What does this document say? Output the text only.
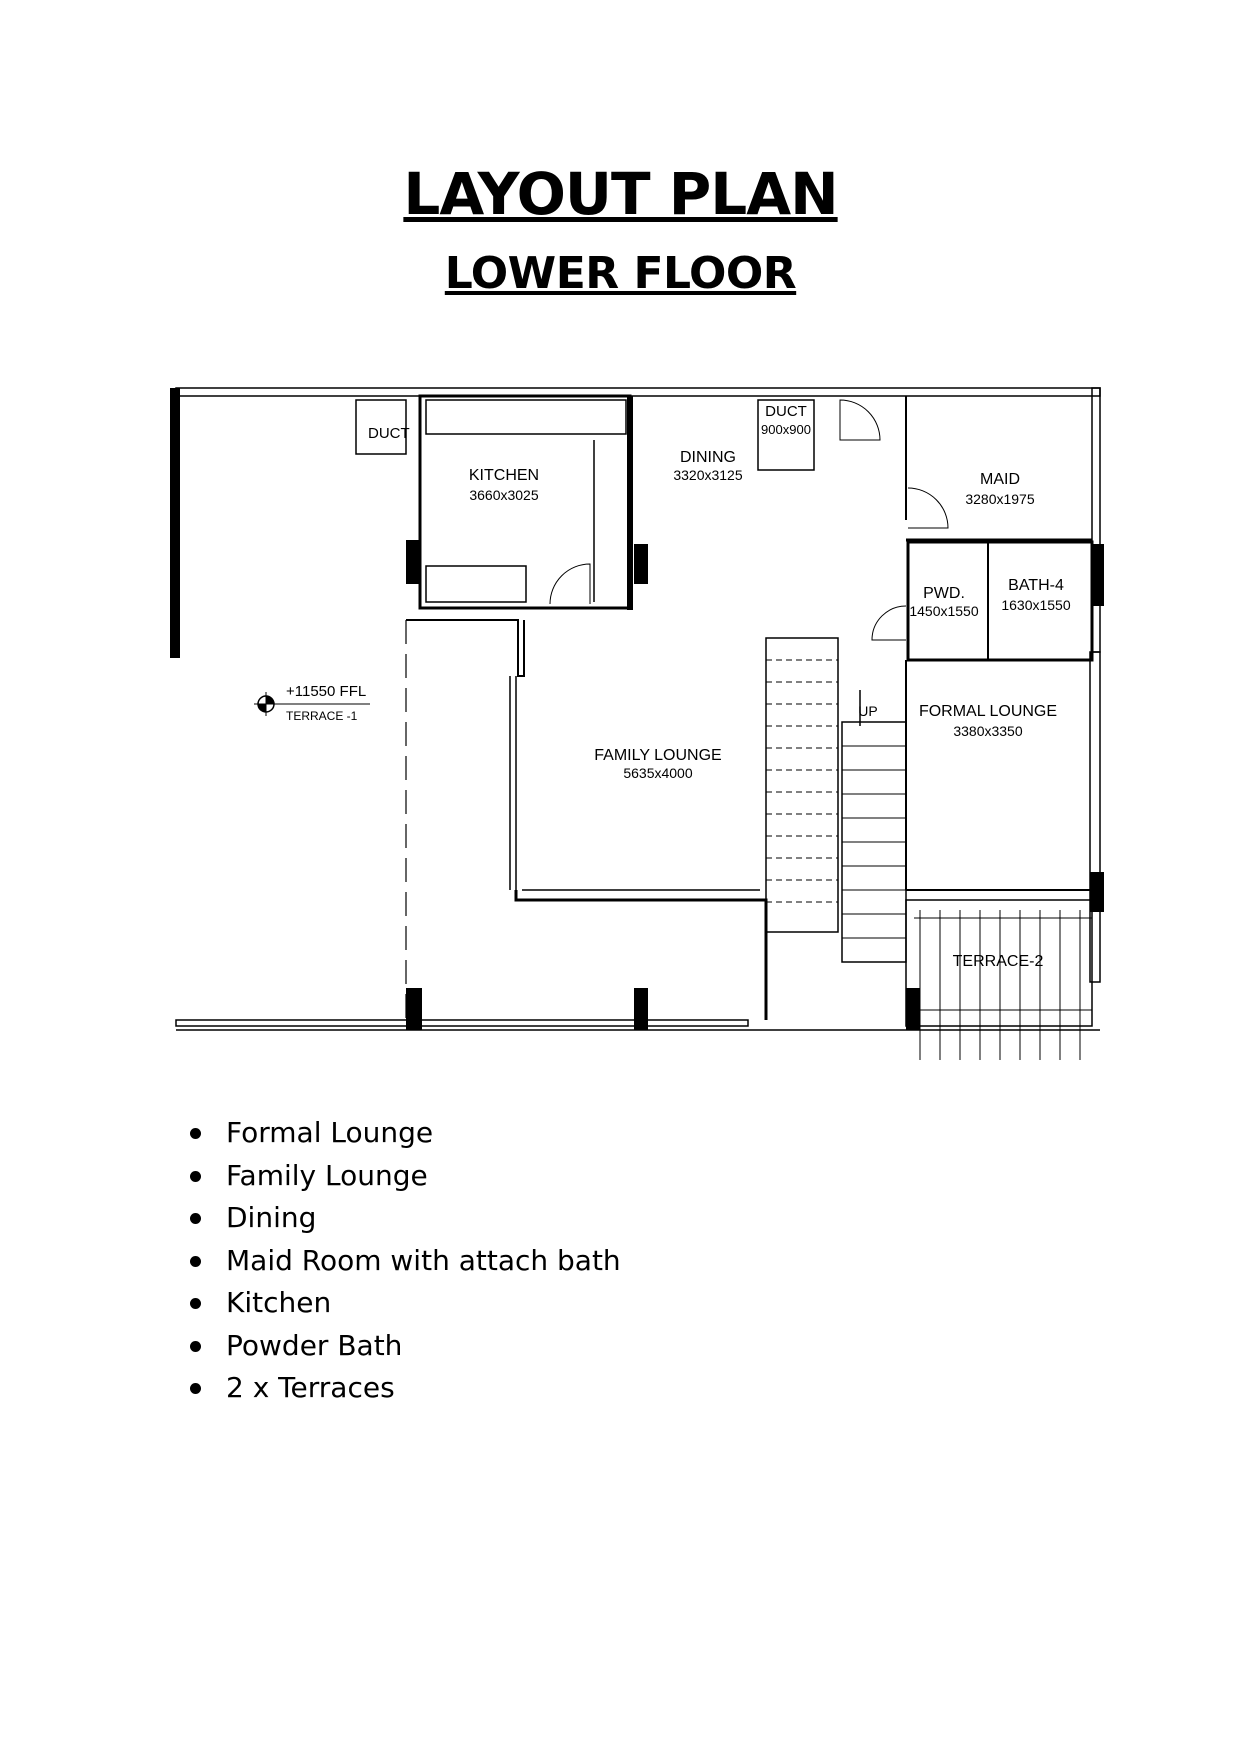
LAYOUT PLAN
LOWER FLOOR
DUCT
KITCHEN
3660x3025
DINING
3320x3125
DUCT
900x900
MAID
3280x1975
PWD.
1450x1550
BATH-4
1630x1550
FAMILY LOUNGE
5635x4000
FORMAL LOUNGE
3380x3350
+11550 FFL
TERRACE -1
TERRACE-2
UP
Formal Lounge
Family Lounge
Dining
Maid Room with attach bath
Kitchen
Powder Bath
2 x Terraces
